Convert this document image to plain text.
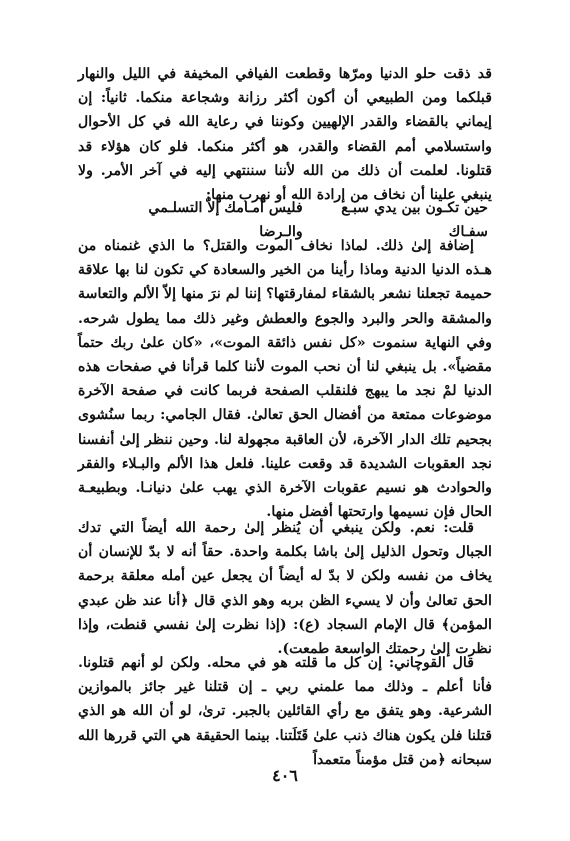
قد ذقت حلو الدنيا ومرّها وقطعت الفيافي المخيفة في الليل والنهار قبلكما ومن الطبيعي أن أكون أكثر رزانة وشجاعة منكما. ثانياً: إن إيماني بالقضاء والقدر الإلهيين وكوننا في رعاية الله في كل الأحوال واستسلامي أمم القضاء والقدر، هو أكثر منكما. فلو كان هؤلاء قد قتلونا. لعلمت أن ذلك من الله لأننا سننتهي إليه في آخر الأمر. ولا ينبغي علينا أن نخاف من إرادة الله أو نهرب منها:

حين تكـون بين يدي سبـع سفـاك
فليس أمـامك إلاّ التسلـمي والـرضا

إضافة إلىٰ ذلك. لماذا نخاف الموت والقتل؟ ما الذي غنمناه من هـذه الدنيا الدنية وماذا رأينا من الخير والسعادة كي تكون لنا بها علاقة حميمة تجعلنا نشعر بالشقاء لمفارقتها؟ إننا لم نرَ منها إلاّ الألم والتعاسة والمشقة والحر والبرد والجوع والعطش وغير ذلك مما يطول شرحه. وفي النهاية سنموت «كل نفس ذائقة الموت»، «كان علىٰ ربك حتماً مقضياً». بل ينبغي لنا أن نحب الموت لأننا كلما قرأنا في صفحات هذه الدنيا لمْ نجد ما يبهج فلنقلب الصفحة فربما كانت في صفحة الآخرة موضوعات ممتعة من أفضال الحق تعالىٰ. فقال الجامي: ربما سنُشوى بجحيم تلك الدار الآخرة، لأن العاقبة مجهولة لنا. وحين ننظر إلىٰ أنفسنا نجد العقوبات الشديدة قد وقعت علينا. فلعل هذا الألم والبـلاء والفقر والحوادث هو نسيم عقوبات الآخرة الذي يهب علىٰ دنيانـا. وبطبيعـة الحال فإن نسيمها وارتحتها أفضل منها.

قلت: نعم. ولكن ينبغي أن يُنظر إلىٰ رحمة الله أيضاً التي تدك الجبال وتحول الذليل إلىٰ باشا بكلمة واحدة. حقاً أنه لا بدّ للإنسان أن يخاف من نفسه ولكن لا بدّ له أيضاً أن يجعل عين أمله معلقة برحمة الحق تعالىٰ وأن لا يسيء الظن بربه وهو الذي قال ﴿أنا عند ظن عبدي المؤمن﴾ قال الإمام السجاد (ع): (إذا نظرت إلىٰ نفسي قنطت، وإذا نظرت إلىٰ رحمتك الواسعة طمعت).

قال القوچاني: إن كل ما قلته هو في محله. ولكن لو أنهم قتلونا. فأنا أعلم ـ وذلك مما علمني ربي ـ إن قتلنا غير جائز بالموازين الشرعية. وهو يتفق مع رأي القائلين بالجبر. ترىٰ، لو أن الله هو الذي قتلنا فلن يكون هناك ذنب علىٰ قَتَلَتنا. بينما الحقيقة هي التي قررها الله سبحانه ﴿من قتل مؤمناً متعمداً

٤٠٦
